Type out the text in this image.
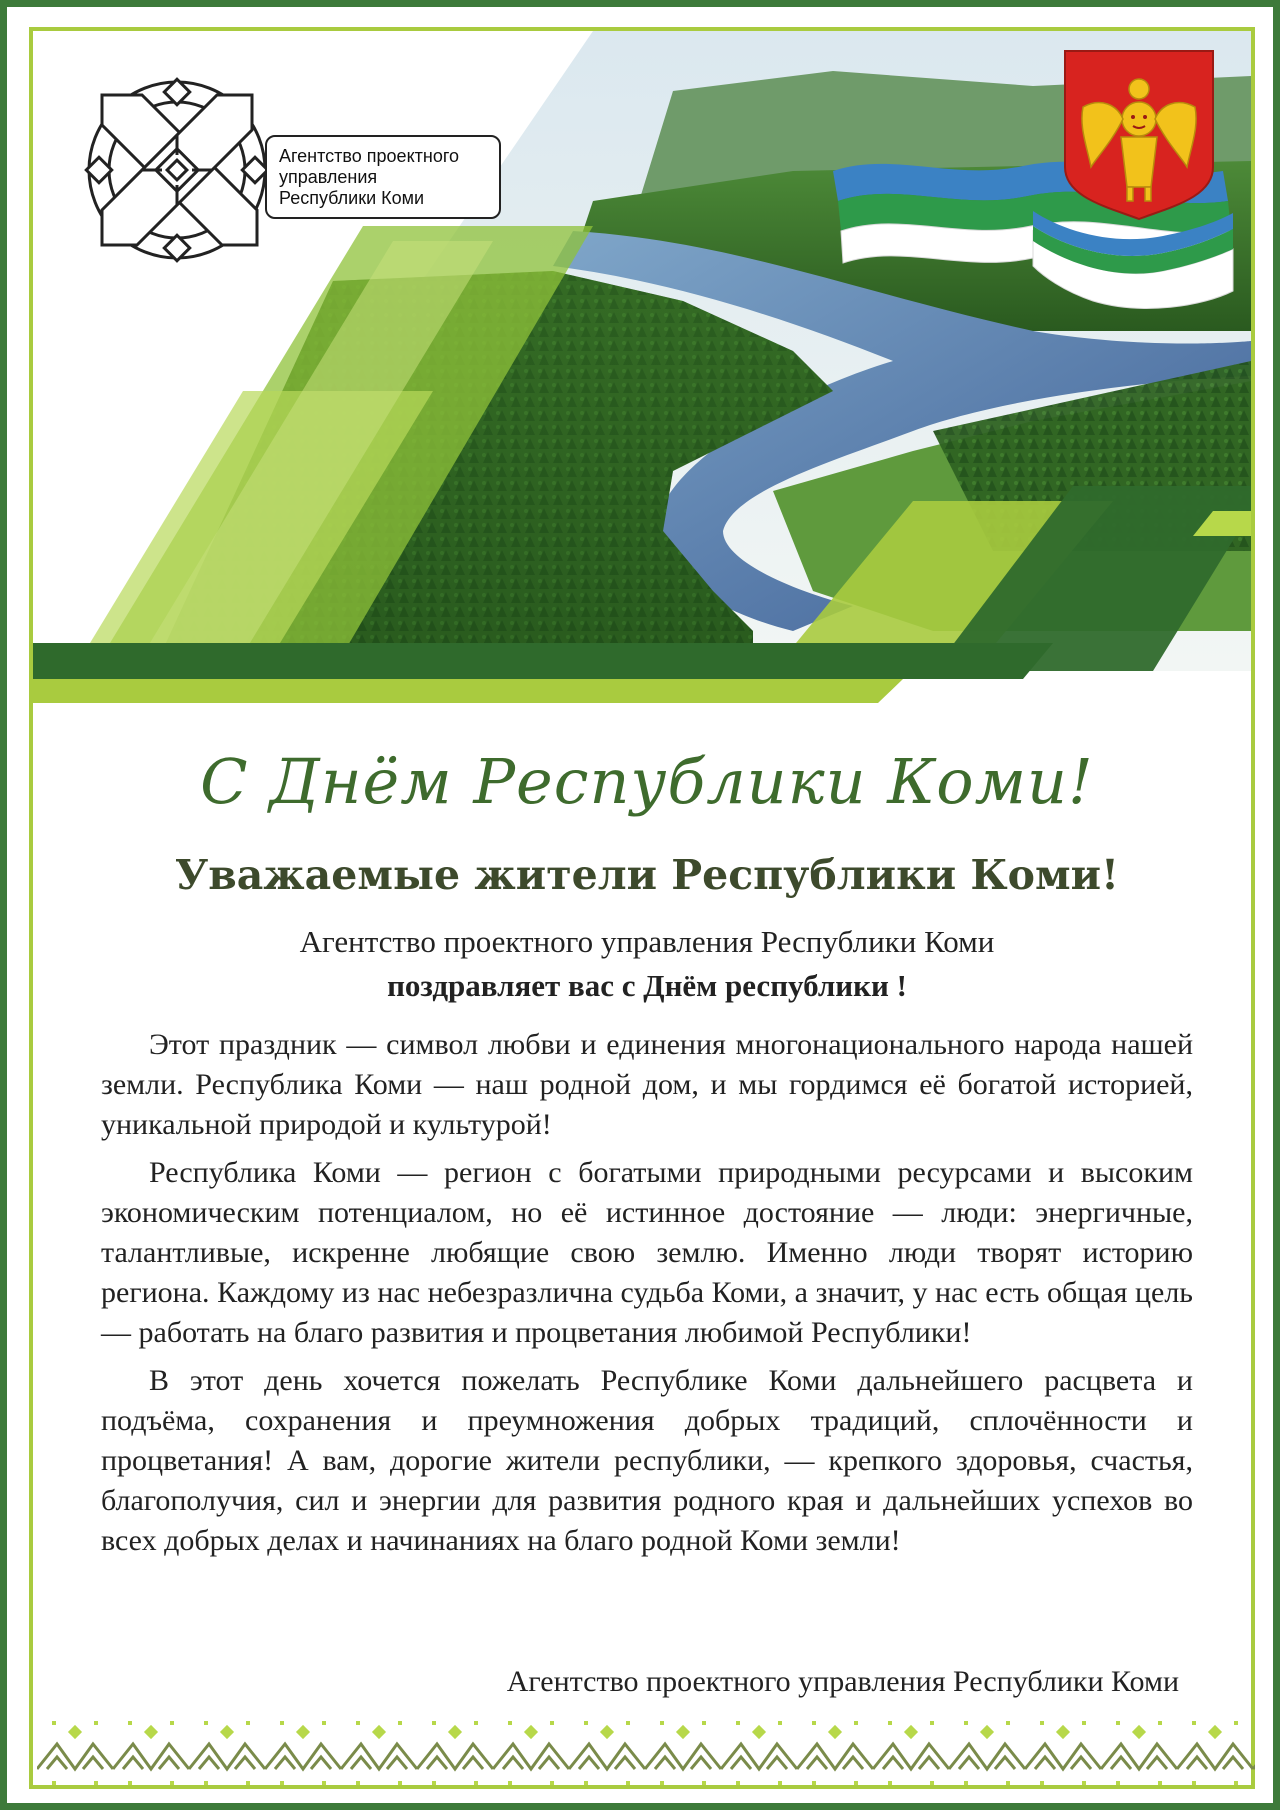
Агентство проектного
управления
Республики Коми
С Днём Республики Коми!
Уважаемые жители Республики Коми!
Агентство проектного управления Республики Коми
поздравляет вас с Днём республики !

Этот праздник — символ любви и единения многонационального народа нашей земли. Республика Коми — наш родной дом, и мы гордимся её богатой историей, уникальной природой и культурой!

Республика Коми — регион с богатыми природными ресурсами и высоким экономическим потенциалом, но её истинное достояние — люди: энергичные, талантливые, искренне любящие свою землю. Именно люди творят историю региона. Каждому из нас небезразлична судьба Коми, а значит, у нас есть общая цель — работать на благо развития и процветания любимой Республики!

В этот день хочется пожелать Республике Коми дальнейшего расцвета и подъёма, сохранения и преумножения добрых традиций, сплочённости и процветания! А вам, дорогие жители республики, — крепкого здоровья, счастья, благополучия, сил и энергии для развития родного края и дальнейших успехов во всех добрых делах и начинаниях на благо родной Коми земли!

Агентство проектного управления Республики Коми
